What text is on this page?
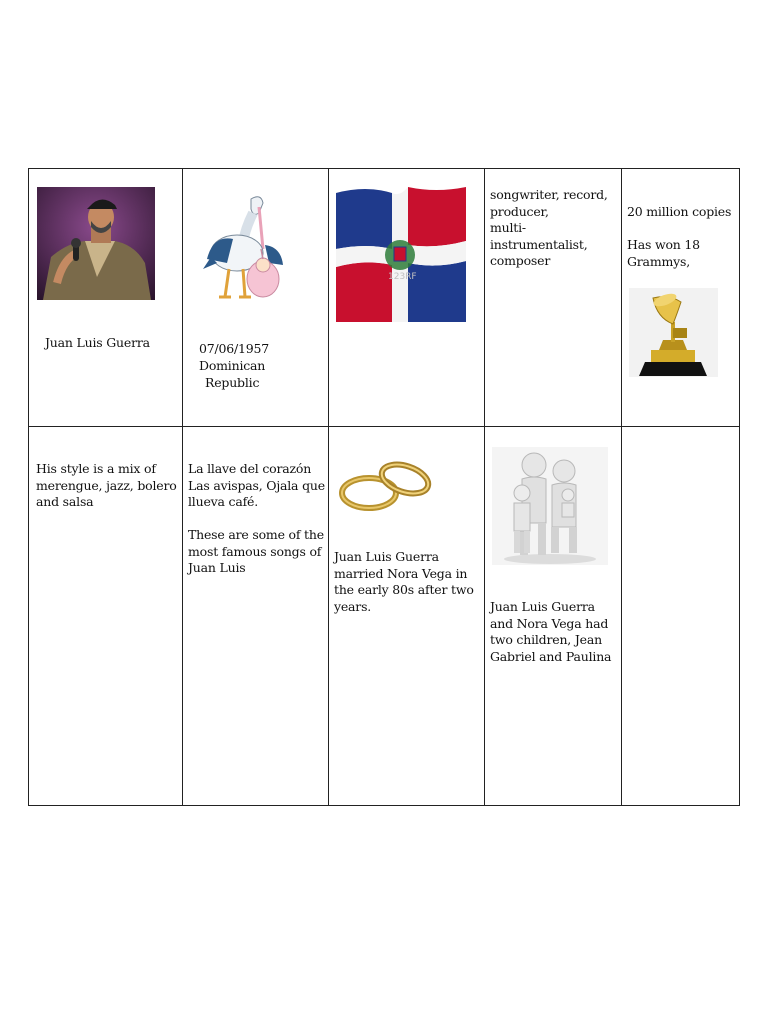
Juan Luis Guerra	07/06/1957
Dominican
Republic
123RF
songwriter, record,
producer,
multi-
instrumentalist,
composer
20 million copies
Has won 18
Grammys,
His style is a mix of
merengue, jazz, bolero
and salsa
La llave del corazón
Las avispas, Ojala que
llueva café.
These are some of the
most famous songs of
Juan Luis
Juan Luis Guerra
married Nora Vega in
the early 80s after two
years.	Juan Luis Guerra
and Nora Vega had
two children, Jean
Gabriel and Paulina
